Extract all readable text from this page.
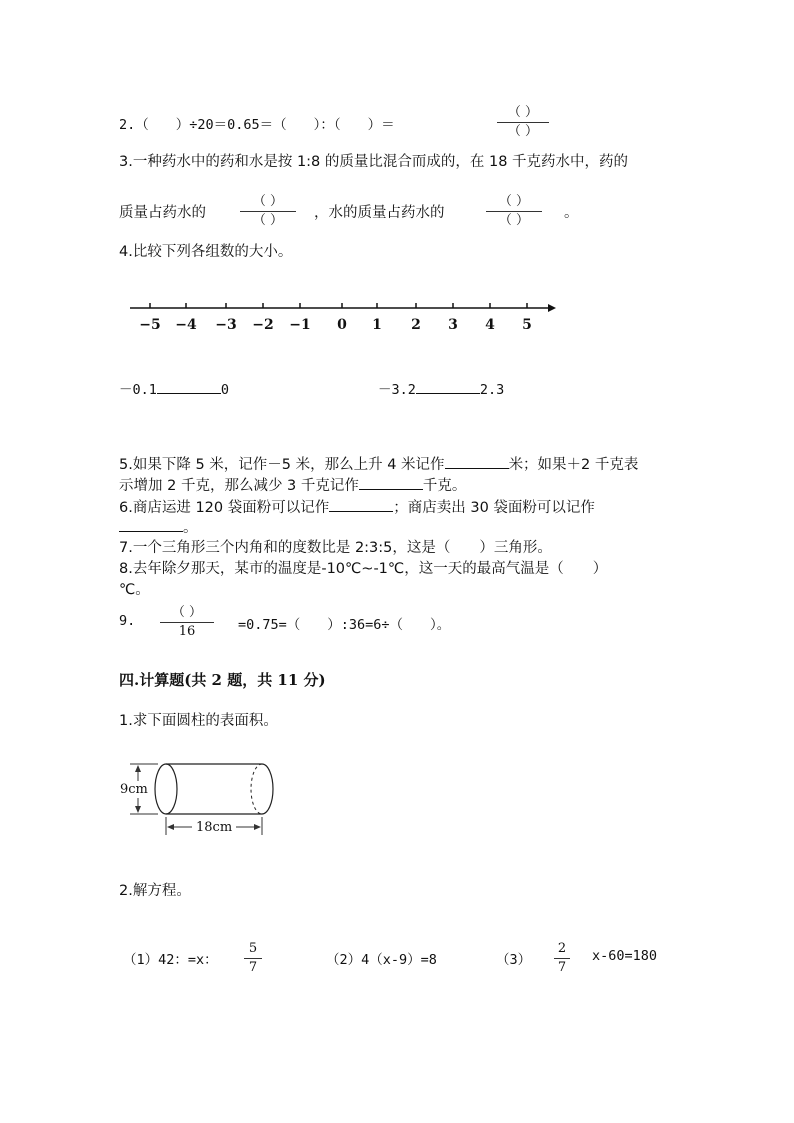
2.（　　）÷20＝0.65＝（　　）：（　　）＝
（ ）
（ ）
3.一种药水中的药和水是按 1:8 的质量比混合而成的，在 18 千克药水中，药的
质量占药水的
（ ）
（ ）	，水的质量占药水的
（ ）
（ ）	。
4.比较下列各组数的大小。
−5 −4 −3 −2 −1 0 1 2 3 4 5
－0.1	0	－3.2	2.3
5.如果下降 5 米，记作－5 米，那么上升 4 米记作	米；如果＋2 千克表
示增加 2 千克，那么减少 3 千克记作	千克。
6.商店运进 120 袋面粉可以记作	；商店卖出 30 袋面粉可以记作
。
7.一个三角形三个内角和的度数比是 2:3:5，这是（　　）三角形。
8.去年除夕那天，某市的温度是-10℃~-1℃，这一天的最高气温是（　　）
℃。
9.
（ ）
16	=0.75=（　　）:36=6÷（　　）。
四.计算题(共 2 题，共 11 分)
1.求下面圆柱的表面积。
9cm
18cm
2.解方程。
（1）42：=x：
5
7	（2）4（x-9）=8	（3）
2
7
x-60=180
